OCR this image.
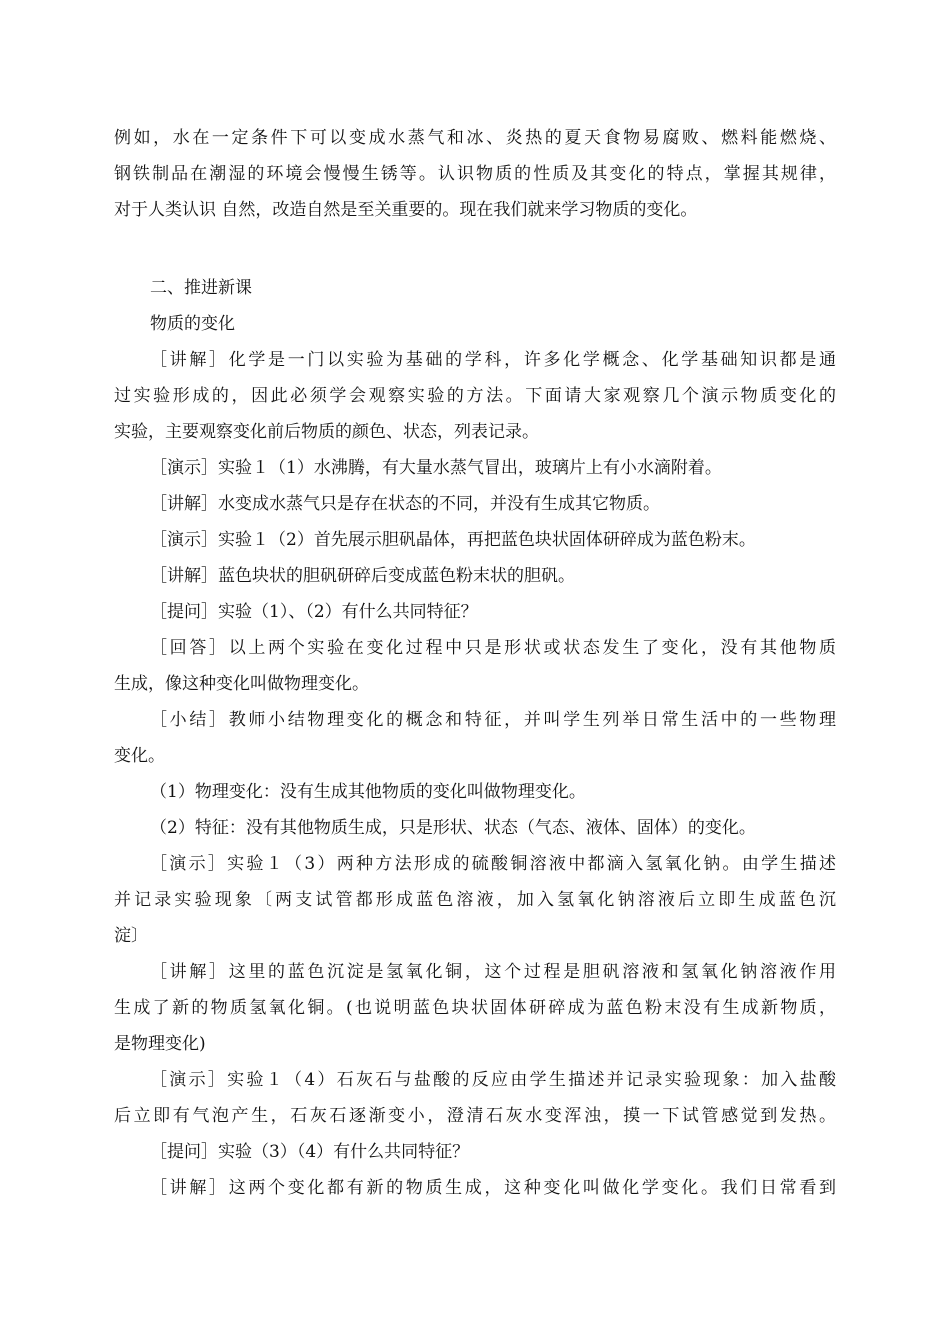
例如，水在一定条件下可以变成水蒸气和冰、炎热的夏天食物易腐败、燃料能燃烧、
钢铁制品在潮湿的环境会慢慢生锈等。认识物质的性质及其变化的特点，掌握其规律，
对于人类认识 自然，改造自然是至关重要的。现在我们就来学习物质的变化。
二、推进新课
物质的变化
［讲解］化学是一门以实验为基础的学科，许多化学概念、化学基础知识都是通
过实验形成的，因此必须学会观察实验的方法。下面请大家观察几个演示物质变化的
实验，主要观察变化前后物质的颜色、状态，列表记录。
［演示］实验１（1）水沸腾，有大量水蒸气冒出，玻璃片上有小水滴附着。
［讲解］水变成水蒸气只是存在状态的不同，并没有生成其它物质。
［演示］实验１（2）首先展示胆矾晶体，再把蓝色块状固体研碎成为蓝色粉末。
［讲解］蓝色块状的胆矾研碎后变成蓝色粉末状的胆矾。
［提问］实验（1）、（2）有什么共同特征？
［回答］以上两个实验在变化过程中只是形状或状态发生了变化，没有其他物质
生成，像这种变化叫做物理变化。
［小结］教师小结物理变化的概念和特征，并叫学生列举日常生活中的一些物理
变化。
（1）物理变化：没有生成其他物质的变化叫做物理变化。
（2）特征：没有其他物质生成，只是形状、状态（气态、液体、固体）的变化。
［演示］实验１（3）两种方法形成的硫酸铜溶液中都滴入氢氧化钠。由学生描述
并记录实验现象〔两支试管都形成蓝色溶液，加入氢氧化钠溶液后立即生成蓝色沉
淀〕
［讲解］这里的蓝色沉淀是氢氧化铜，这个过程是胆矾溶液和氢氧化钠溶液作用
生成了新的物质氢氧化铜。(也说明蓝色块状固体研碎成为蓝色粉末没有生成新物质，
是物理变化)
［演示］实验１（4）石灰石与盐酸的反应由学生描述并记录实验现象：加入盐酸
后立即有气泡产生，石灰石逐渐变小，澄清石灰水变浑浊，摸一下试管感觉到发热。
［提问］实验（3）（4）有什么共同特征？
［讲解］这两个变化都有新的物质生成，这种变化叫做化学变化。我们日常看到
